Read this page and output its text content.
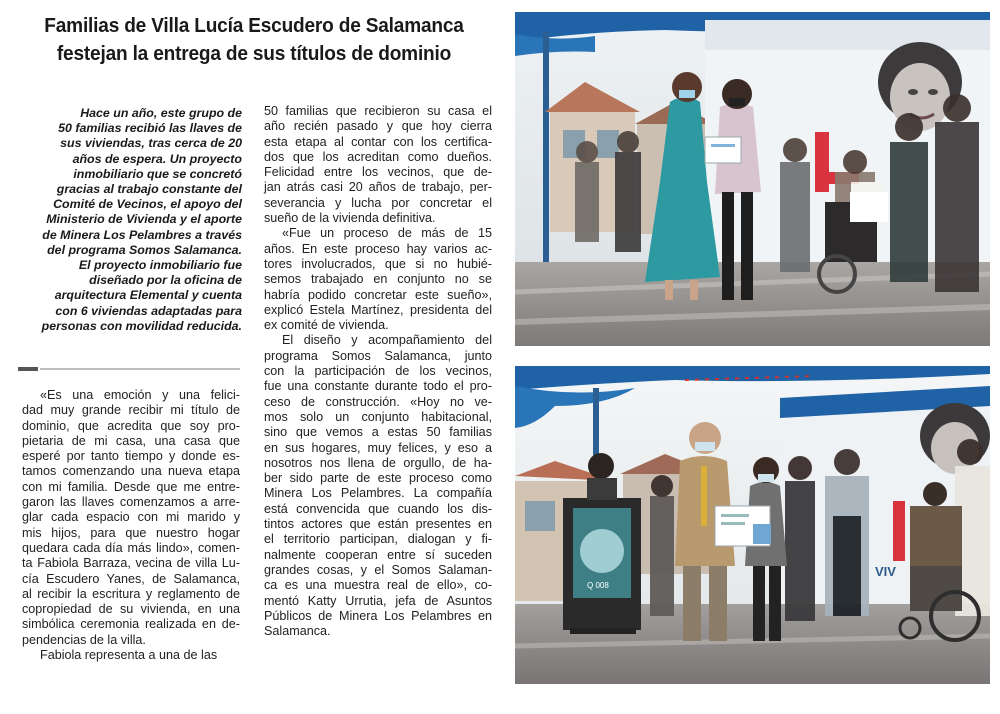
Familias de Villa Lucía Escudero de Salamanca
festejan la entrega de sus títulos de dominio
Hace un año, este grupo de
50 familias recibió las llaves de
sus viviendas, tras cerca de 20
años de espera. Un proyecto
inmobiliario que se concretó
gracias al trabajo constante del
Comité de Vecinos, el apoyo del
Ministerio de Vivienda y el aporte
de Minera Los Pelambres a través
del programa Somos Salamanca.
El proyecto inmobiliario fue
diseñado por la oficina de
arquitectura Elemental y cuenta
con 6 viviendas adaptadas para
personas con movilidad reducida.

«Es una emoción y una felici-
dad muy grande recibir mi título de
dominio, que acredita que soy pro-
pietaria de mi casa, una casa que
esperé por tanto tiempo y donde es-
tamos comenzando una nueva etapa
con mi familia. Desde que me entre-
garon las llaves comenzamos a arre-
glar cada espacio con mi marido y
mis hijos, para que nuestro hogar
quedara cada día más lindo», comen-
ta Fabiola Barraza, vecina de villa Lu-
cía Escudero Yanes, de Salamanca,
al recibir la escritura y reglamento de
copropiedad de su vivienda, en una
simbólica ceremonia realizada en de-
pendencias de la villa.

Fabiola representa a una de las

50 familias que recibieron su casa el
año recién pasado y que hoy cierra
esta etapa al contar con los certifica-
dos que los acreditan como dueños.
Felicidad entre los vecinos, que de-
jan atrás casi 20 años de trabajo, per-
severancia y lucha por concretar el
sueño de la vivienda definitiva.

«Fue un proceso de más de 15
años. En este proceso hay varios ac-
tores involucrados, que si no hubié-
semos trabajado en conjunto no se
habría podido concretar este sueño»,
explicó Estela Martínez, presidenta del
ex comité de vivienda.

El diseño y acompañamiento del
programa Somos Salamanca, junto
con la participación de los vecinos,
fue una constante durante todo el pro-
ceso de construcción. «Hoy no ve-
mos solo un conjunto habitacional,
sino que vemos a estas 50 familias
en sus hogares, muy felices, y eso a
nosotros nos llena de orgullo, de ha-
ber sido parte de este proceso como
Minera Los Pelambres. La compañía
está convencida que cuando los dis-
tintos actores que están presentes en
el territorio participan, dialogan y fi-
nalmente cooperan entre sí suceden
grandes cosas, y el Somos Salaman-
ca es una muestra real de ello», co-
mentó Katty Urrutia, jefa de Asuntos
Públicos de Minera Los Pelambres en
Salamanca.

VIV
Q 008
